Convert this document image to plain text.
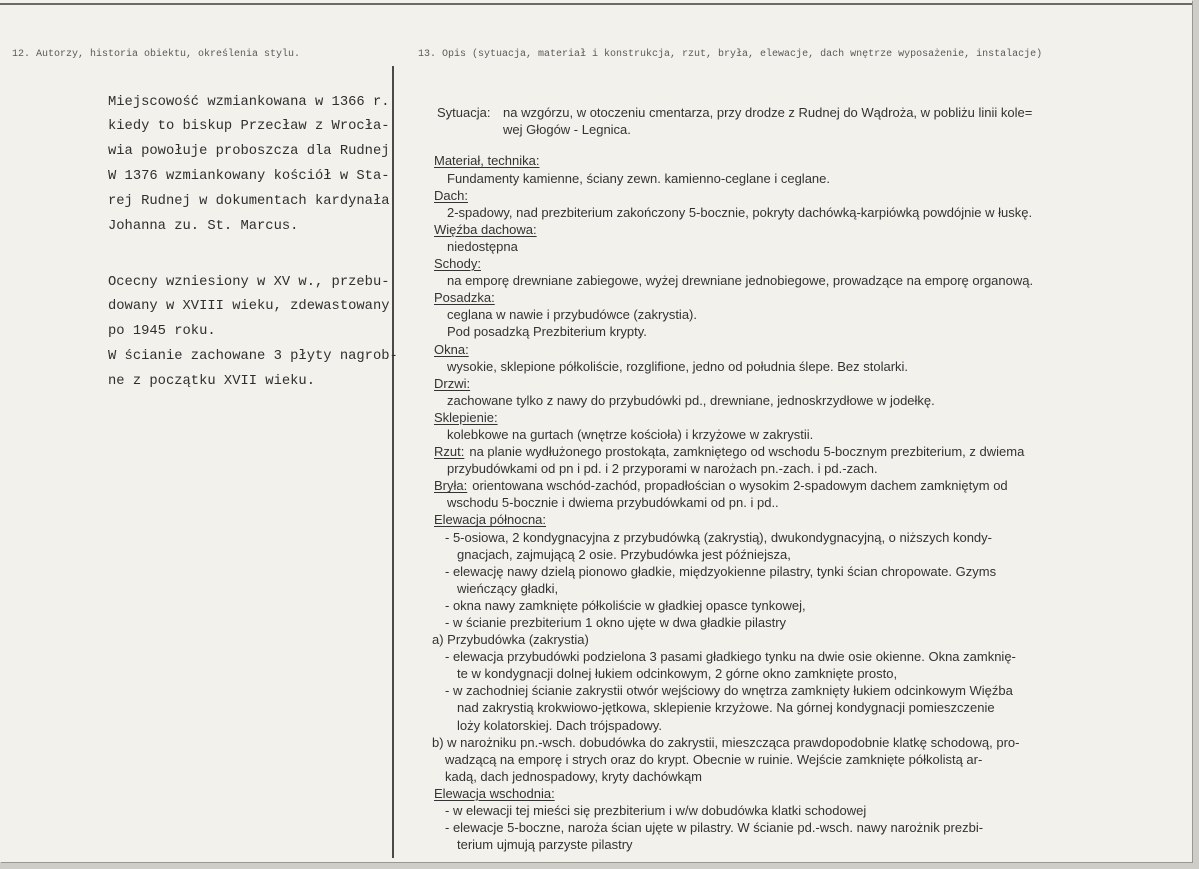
12. Autorzy, historia obiektu, określenia stylu.	13. Opis (sytuacja, materiał i konstrukcja, rzut, bryła, elewacje, dach wnętrze wyposażenie, instalacje)
Miejscowość wzmiankowana w 1366 r.
kiedy to biskup Przecław z Wrocła-
wia powołuje proboszcza dla Rudnej
W 1376 wzmiankowany kościół w Sta-
rej Rudnej w dokumentach kardynała
Johanna zu. St. Marcus.
Ocecny wzniesiony w XV w., przebu-
dowany w XVIII wieku, zdewastowany
po 1945 roku.
W ścianie zachowane 3 płyty nagrob-
ne z początku XVII wieku.
Sytuacja: na wzgórzu, w otoczeniu cmentarza, przy drodze z Rudnej do Wądroża, w pobliżu linii kole=
wej Głogów - Legnica.
Materiał, technika:
Fundamenty kamienne, ściany zewn. kamienno-ceglane i ceglane.
Dach:
2-spadowy, nad prezbiterium zakończony 5-bocznie, pokryty dachówką-karpiówką powdójnie w łuskę.
Więźba dachowa:
niedostępna
Schody:
na emporę drewniane zabiegowe, wyżej drewniane jednobiegowe, prowadzące na emporę organową.
Posadzka:
ceglana w nawie i przybudówce (zakrystia).
Pod posadzką Prezbiterium krypty.
Okna:
wysokie, sklepione półkoliście, rozglifione, jedno od południa ślepe. Bez stolarki.
Drzwi:
zachowane tylko z nawy do przybudówki pd., drewniane, jednoskrzydłowe w jodełkę.
Sklepienie:
kolebkowe na gurtach (wnętrze kościoła) i krzyżowe w zakrystii.
Rzut: na planie wydłużonego prostokąta, zamkniętego od wschodu 5-bocznym prezbiterium, z dwiema
przybudówkami od pn i pd. i 2 przyporami w narożach pn.-zach. i pd.-zach.
Bryła: orientowana wschód-zachód, propadłościan o wysokim 2-spadowym dachem zamkniętym od
wschodu 5-bocznie i dwiema przybudówkami od pn. i pd..
Elewacja północna:
- 5-osiowa, 2 kondygnacyjna z przybudówką (zakrystią), dwukondygnacyjną, o niższych kondy-
gnacjach, zajmującą 2 osie. Przybudówka jest późniejsza,
- elewację nawy dzielą pionowo gładkie, międzyokienne pilastry, tynki ścian chropowate. Gzyms
wieńczący gładki,
- okna nawy zamknięte półkoliście w gładkiej opasce tynkowej,
- w ścianie prezbiterium 1 okno ujęte w dwa gładkie pilastry
a) Przybudówka (zakrystia)
- elewacja przybudówki podzielona 3 pasami gładkiego tynku na dwie osie okienne. Okna zamknię-
te w kondygnacji dolnej łukiem odcinkowym, 2 górne okno zamknięte prosto,
- w zachodniej ścianie zakrystii otwór wejściowy do wnętrza zamknięty łukiem odcinkowym Więźba
nad zakrystią krokwiowo-jętkowa, sklepienie krzyżowe. Na górnej kondygnacji pomieszczenie
loży kolatorskiej. Dach trójspadowy.
b) w narożniku pn.-wsch. dobudówka do zakrystii, mieszcząca prawdopodobnie klatkę schodową, pro-
wadzącą na emporę i strych oraz do krypt. Obecnie w ruinie. Wejście zamknięte półkolistą ar-
kadą, dach jednospadowy, kryty dachówkąm
Elewacja wschodnia:
- w elewacji tej mieści się prezbiterium i w/w dobudówka klatki schodowej
- elewacje 5-boczne, naroża ścian ujęte w pilastry. W ścianie pd.-wsch. nawy narożnik prezbi-
terium ujmują parzyste pilastry
